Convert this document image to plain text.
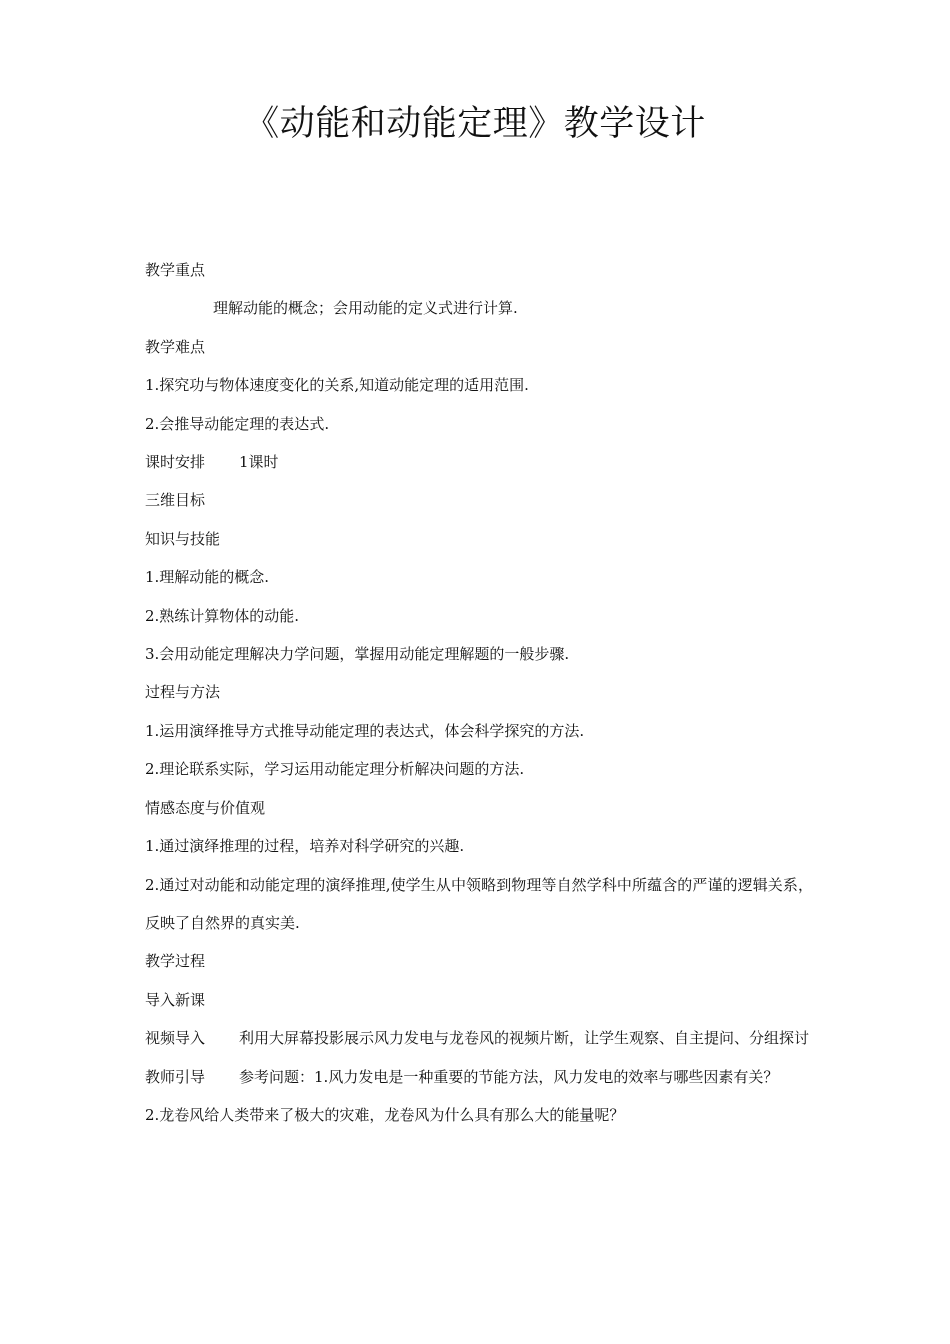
《动能和动能定理》教学设计

教学重点

理解动能的概念；会用动能的定义式进行计算.

教学难点

1.探究功与物体速度变化的关系,知道动能定理的适用范围.

2.会推导动能定理的表达式.

课时安排 1课时

三维目标

知识与技能

1.理解动能的概念.

2.熟练计算物体的动能.

3.会用动能定理解决力学问题，掌握用动能定理解题的一般步骤.

过程与方法

1.运用演绎推导方式推导动能定理的表达式，体会科学探究的方法.

2.理论联系实际，学习运用动能定理分析解决问题的方法.

情感态度与价值观

1.通过演绎推理的过程，培养对科学研究的兴趣.

2.通过对动能和动能定理的演绎推理,使学生从中领略到物理等自然学科中所蕴含的严谨的逻辑关系，反映了自然界的真实美.

教学过程

导入新课

视频导入 利用大屏幕投影展示风力发电与龙卷风的视频片断，让学生观察、自主提问、分组探讨

教师引导 参考问题：1.风力发电是一种重要的节能方法，风力发电的效率与哪些因素有关？

2.龙卷风给人类带来了极大的灾难，龙卷风为什么具有那么大的能量呢？
